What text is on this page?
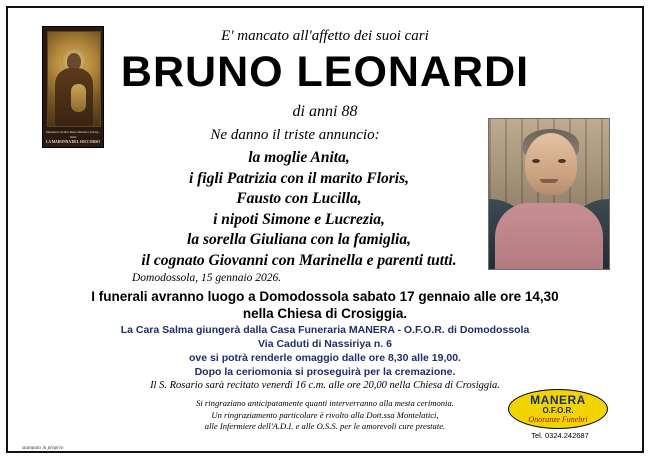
Monastero di Mar Musa Damasco (Siria) - Italia
LA MADONNA DEL SOCCORSO
E' mancato all'affetto dei suoi cari
BRUNO LEONARDI
di anni 88
Ne danno il triste annuncio:
la moglie Anita,
i figli Patrizia con il marito Floris,
Fausto con Lucilla,
i nipoti Simone e Lucrezia,
la sorella Giuliana con la famiglia,
il cognato Giovanni con Marinella e parenti tutti.
Domodossola, 15 gennaio 2026.
I funerali avranno luogo a Domodossola sabato 17 gennaio alle ore 14,30
nella Chiesa di Crosiggia.
La Cara Salma giungerà dalla Casa Funeraria MANERA - O.F.O.R. di Domodossola
Via Caduti di Nassiriya n. 6
ove si potrà renderle omaggio dalle ore 8,30 alle 19,00.
Dopo la ceriomonia si proseguirà per la cremazione.
Il S. Rosario sarà recitato venerdì 16 c.m. alle ore 20,00 nella Chiesa di Crosiggia.
Si ringraziano anticipatamente quanti interverranno alla mesta cerimonia.
Un ringraziamento particolare è rivolto alla Dott.ssa Montelatici,
alle Infermiere dell'A.D.I. e alle O.S.S. per le amorevoli cure prestate.
stampato in proprio
MANERA
O.F.O.R.
Onoranze Funebri
Tel. 0324.242687
